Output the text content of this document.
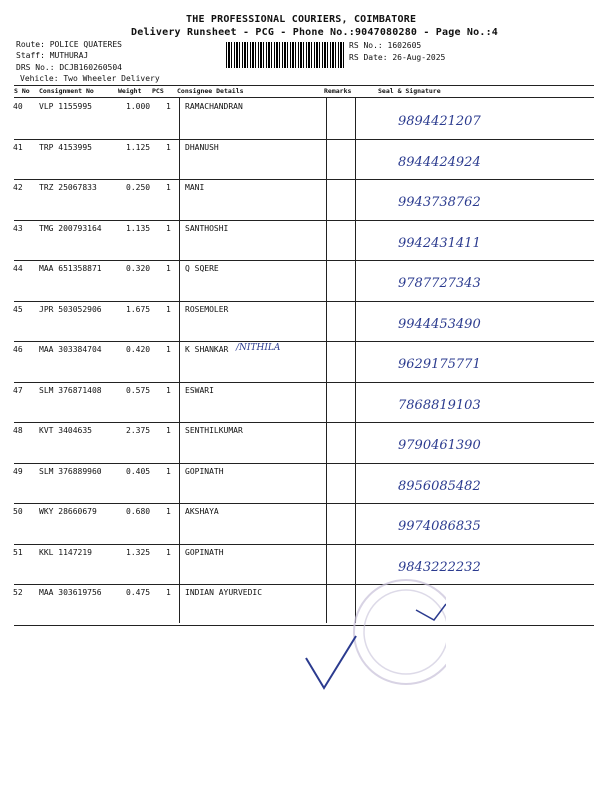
THE PROFESSIONAL COURIERS, COIMBATORE
Delivery Runsheet - PCG - Phone No.:9047080280 - Page No.:4
Route: POLICE QUATERES
Staff: MUTHURAJ
DRS No.: DCJB160260504
Vehicle: Two Wheeler Delivery
RS No.: 1602605
RS Date: 26-Aug-2025
S No Consignment No	Weight PCS Consignee Details	Remarks	Seal & Signature
40 VLP 1155995	1.000 1 RAMACHANDRAN
9894421207
41 TRP 4153995	1.125 1 DHANUSH
8944424924
42 TRZ 25067833	0.250 1 MANI
9943738762
43 TMG 200793164	1.135 1 SANTHOSHI
9942431411
44 MAA 651358871	0.320 1 Q SQERE
9787727343
45 JPR 503052906	1.675 1 ROSEMOLER
9944453490
46 MAA 303384704	0.420 1 K SHANKAR /NITHILA
9629175771
47 SLM 376871408	0.575 1 ESWARI
7868819103
48 KVT 3404635	2.375 1 SENTHILKUMAR
9790461390
49 SLM 376889960	0.405 1 GOPINATH
8956085482
50 WKY 28660679	0.680 1 AKSHAYA
9974086835
51 KKL 1147219	1.325 1 GOPINATH
9843222232
52 MAA 303619756	0.475 1 INDIAN AYURVEDIC
